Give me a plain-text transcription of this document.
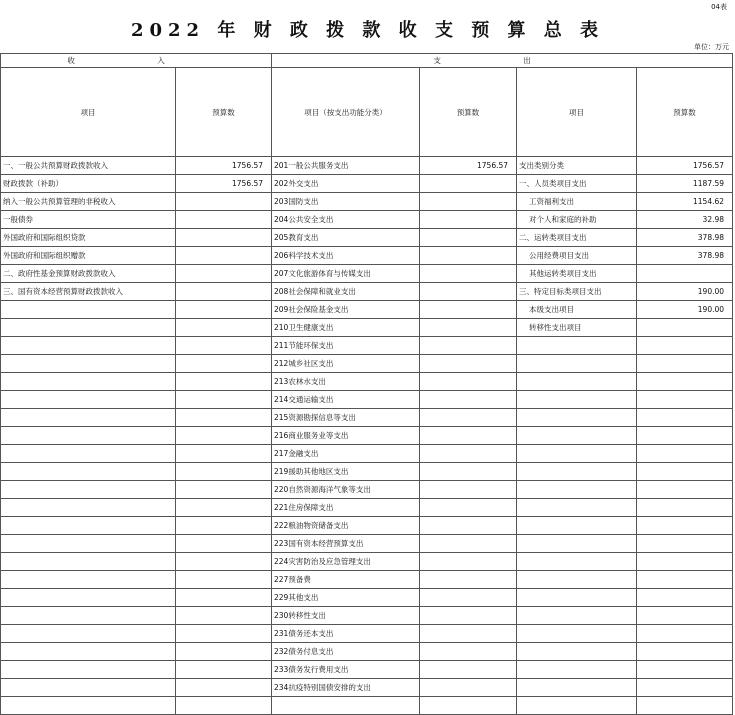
04表
2022 年 财 政 拨 款 收 支 预 算 总 表
单位：万元
收 入		支 出			
项目	预算数	项目（按支出功能分类）	预算数	项目	预算数
一、一般公共预算财政拨款收入	1756.57	201一般公共服务支出	1756.57	支出类别分类	1756.57
财政拨款（补助）	1756.57	202外交支出		一、人员类项目支出	1187.59
纳入一般公共预算管理的非税收入		203国防支出		工资福利支出	1154.62
一般债券		204公共安全支出		对个人和家庭的补助	32.98
外国政府和国际组织贷款		205教育支出		二、运转类项目支出	378.98
外国政府和国际组织赠款		206科学技术支出		公用经费项目支出	378.98
二、政府性基金预算财政拨款收入		207文化旅游体育与传媒支出		其他运转类项目支出	
三、国有资本经营预算财政拨款收入		208社会保障和就业支出		三、特定目标类项目支出	190.00
		209社会保险基金支出		本级支出项目	190.00
		210卫生健康支出		转移性支出项目	
		211节能环保支出			
		212城乡社区支出			
		213农林水支出			
		214交通运输支出			
		215资源勘探信息等支出			
		216商业服务业等支出			
		217金融支出			
		219援助其他地区支出			
		220自然资源海洋气象等支出			
		221住房保障支出			
		222粮油物资储备支出			
		223国有资本经营预算支出			
		224灾害防治及应急管理支出			
		227预备费			
		229其他支出			
		230转移性支出			
		231债务还本支出			
		232债务付息支出			
		233债务发行费用支出			
		234抗疫特别国债安排的支出			
